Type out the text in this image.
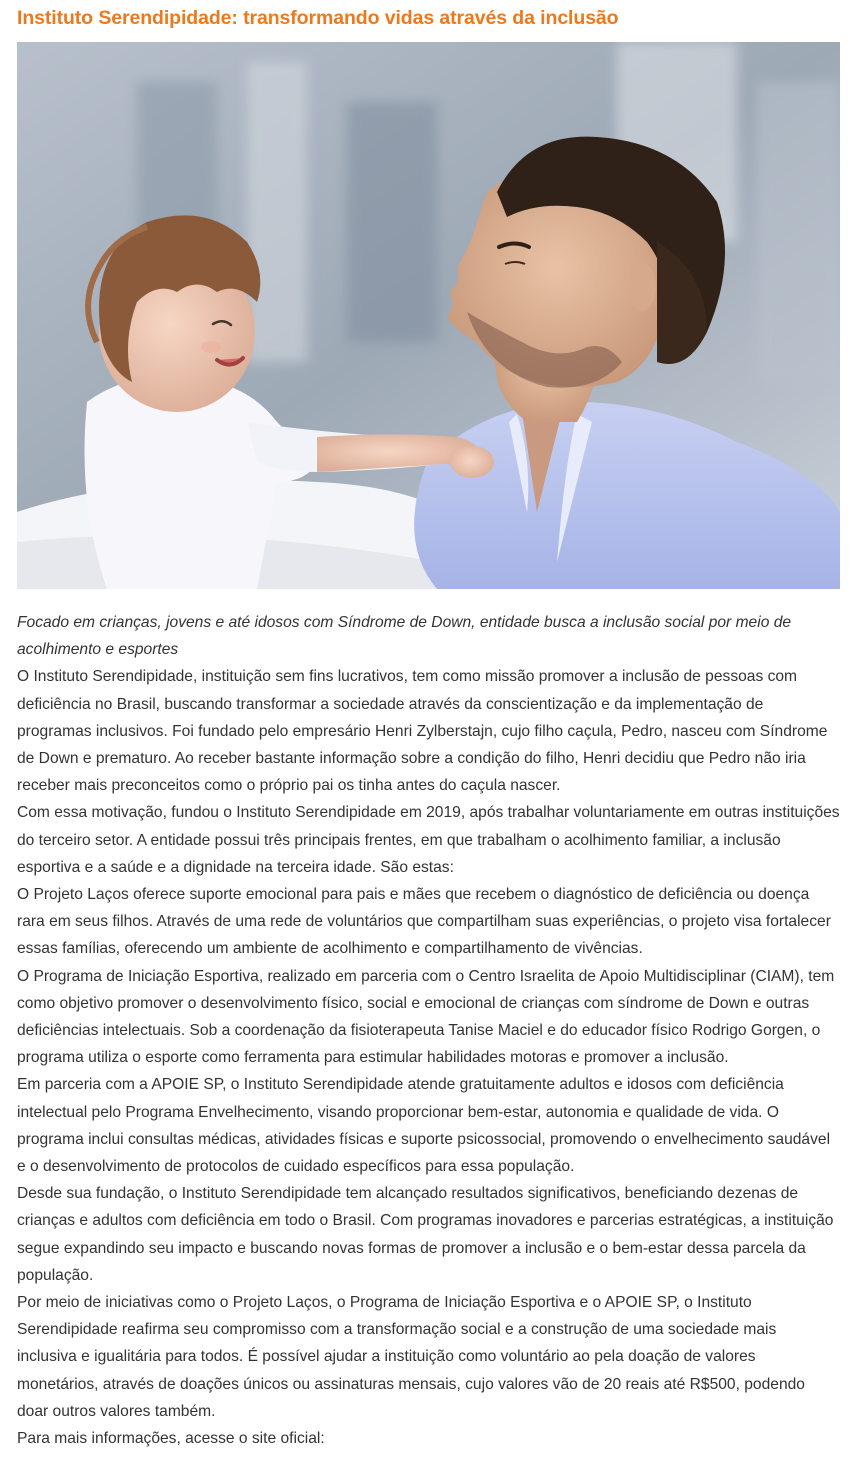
Instituto Serendipidade: transformando vidas através da inclusão

Focado em crianças, jovens e até idosos com Síndrome de Down, entidade busca a inclusão social por meio de acolhimento e esportes

O Instituto Serendipidade, instituição sem fins lucrativos, tem como missão promover a inclusão de pessoas com deficiência no Brasil, buscando transformar a sociedade através da conscientização e da implementação de programas inclusivos. Foi fundado pelo empresário Henri Zylberstajn, cujo filho caçula, Pedro, nasceu com Síndrome de Down e prematuro. Ao receber bastante informação sobre a condição do filho, Henri decidiu que Pedro não iria receber mais preconceitos como o próprio pai os tinha antes do caçula nascer.

Com essa motivação, fundou o Instituto Serendipidade em 2019, após trabalhar voluntariamente em outras instituições do terceiro setor. A entidade possui três principais frentes, em que trabalham o acolhimento familiar, a inclusão esportiva e a saúde e a dignidade na terceira idade. São estas:

O Projeto Laços oferece suporte emocional para pais e mães que recebem o diagnóstico de deficiência ou doença rara em seus filhos. Através de uma rede de voluntários que compartilham suas experiências, o projeto visa fortalecer essas famílias, oferecendo um ambiente de acolhimento e compartilhamento de vivências.

O Programa de Iniciação Esportiva, realizado em parceria com o Centro Israelita de Apoio Multidisciplinar (CIAM), tem como objetivo promover o desenvolvimento físico, social e emocional de crianças com síndrome de Down e outras deficiências intelectuais. Sob a coordenação da fisioterapeuta Tanise Maciel e do educador físico Rodrigo Gorgen, o programa utiliza o esporte como ferramenta para estimular habilidades motoras e promover a inclusão.

Em parceria com a APOIE SP, o Instituto Serendipidade atende gratuitamente adultos e idosos com deficiência intelectual pelo Programa Envelhecimento, visando proporcionar bem-estar, autonomia e qualidade de vida. O programa inclui consultas médicas, atividades físicas e suporte psicossocial, promovendo o envelhecimento saudável e o desenvolvimento de protocolos de cuidado específicos para essa população.

Desde sua fundação, o Instituto Serendipidade tem alcançado resultados significativos, beneficiando dezenas de crianças e adultos com deficiência em todo o Brasil. Com programas inovadores e parcerias estratégicas, a instituição segue expandindo seu impacto e buscando novas formas de promover a inclusão e o bem-estar dessa parcela da população.

Por meio de iniciativas como o Projeto Laços, o Programa de Iniciação Esportiva e o APOIE SP, o Instituto Serendipidade reafirma seu compromisso com a transformação social e a construção de uma sociedade mais inclusiva e igualitária para todos. É possível ajudar a instituição como voluntário ao pela doação de valores monetários, através de doações únicos ou assinaturas mensais, cujo valores vão de 20 reais até R$500, podendo doar outros valores também.

Para mais informações, acesse o site oficial:
